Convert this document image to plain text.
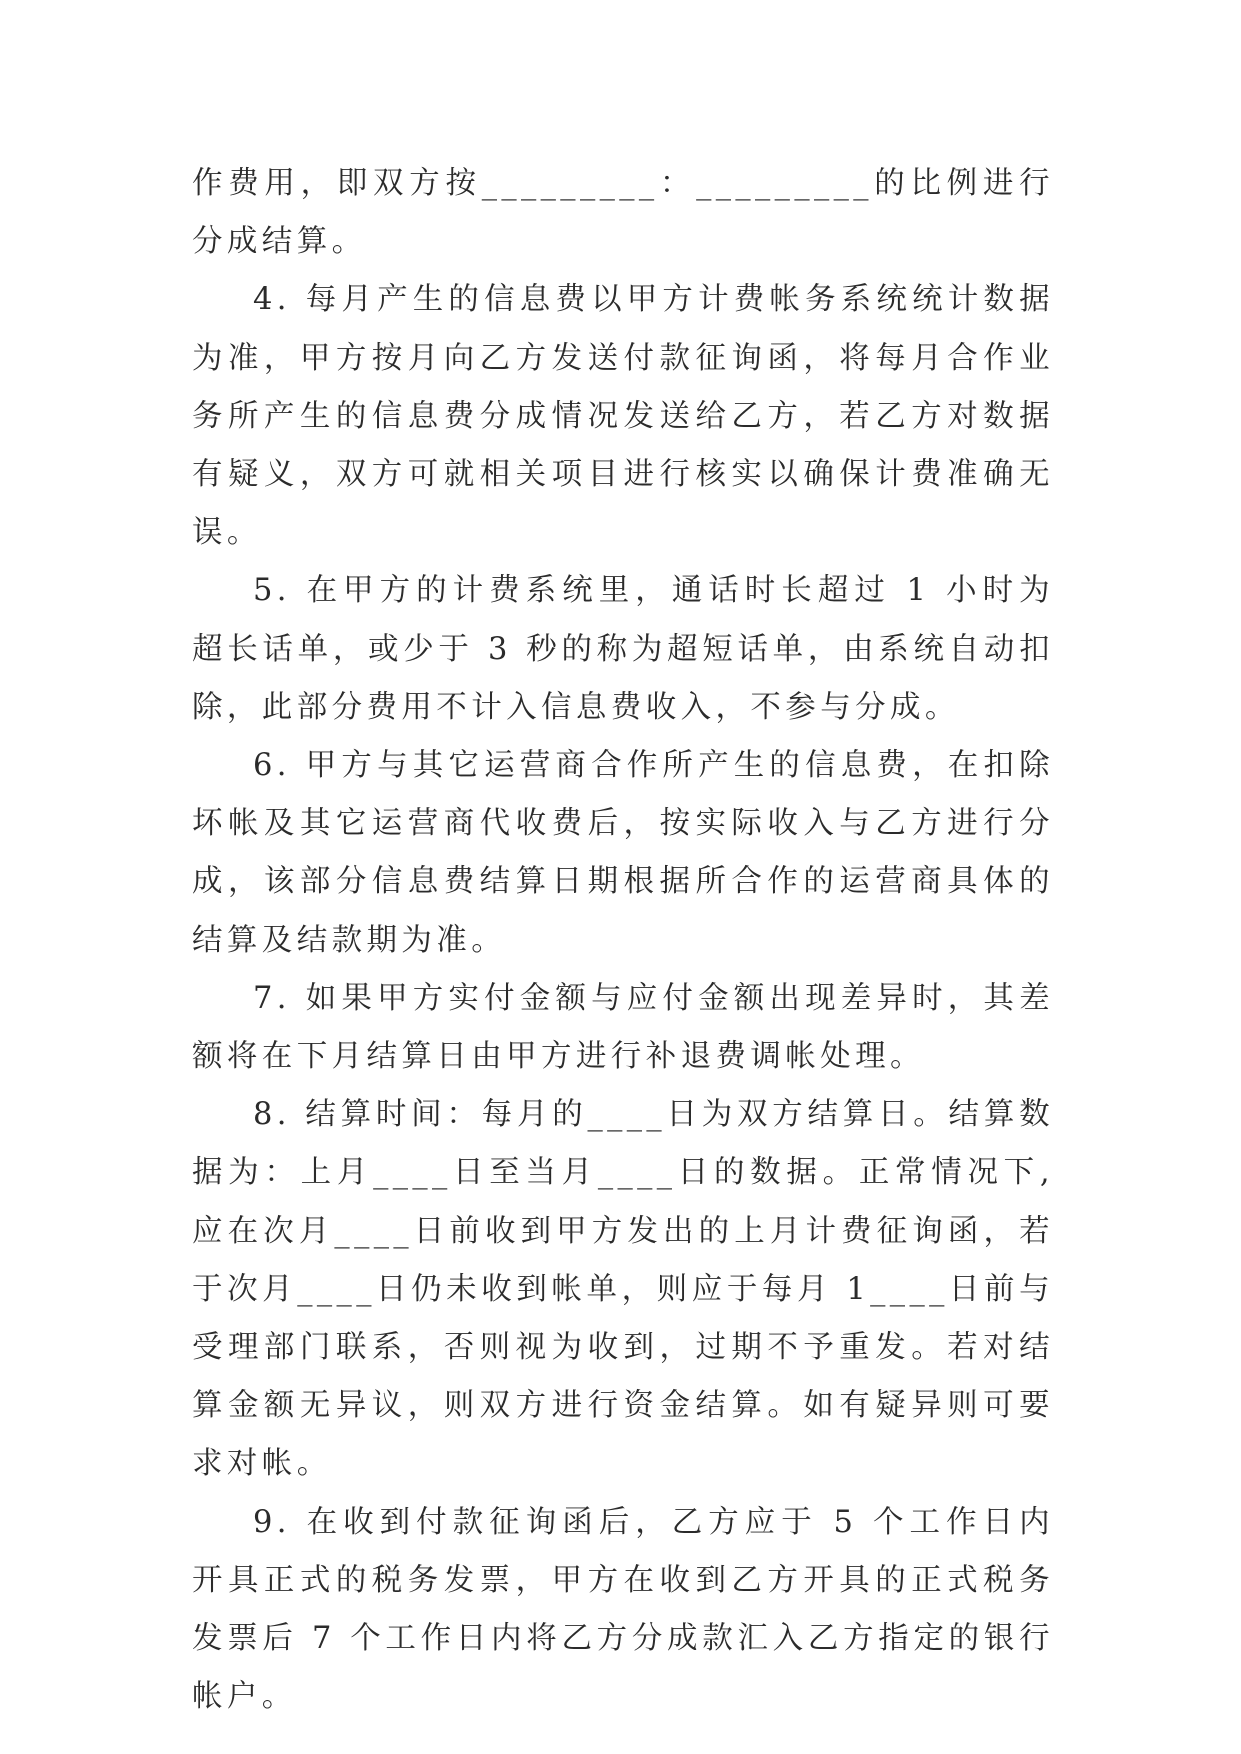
作费用，即双方按_________：_________的比例进行分成结算。

4. 每月产生的信息费以甲方计费帐务系统统计数据为准，甲方按月向乙方发送付款征询函，将每月合作业务所产生的信息费分成情况发送给乙方，若乙方对数据有疑义，双方可就相关项目进行核实以确保计费准确无误。

5. 在甲方的计费系统里，通话时长超过 1 小时为超长话单，或少于 3 秒的称为超短话单，由系统自动扣除，此部分费用不计入信息费收入，不参与分成。

6. 甲方与其它运营商合作所产生的信息费，在扣除坏帐及其它运营商代收费后，按实际收入与乙方进行分成，该部分信息费结算日期根据所合作的运营商具体的结算及结款期为准。

7. 如果甲方实付金额与应付金额出现差异时，其差额将在下月结算日由甲方进行补退费调帐处理。

8. 结算时间：每月的____日为双方结算日。结算数据为：上月____日至当月____日的数据。正常情况下,应在次月____日前收到甲方发出的上月计费征询函，若于次月____日仍未收到帐单，则应于每月 1____日前与受理部门联系，否则视为收到，过期不予重发。若对结算金额无异议，则双方进行资金结算。如有疑异则可要求对帐。

9. 在收到付款征询函后，乙方应于 5 个工作日内开具正式的税务发票，甲方在收到乙方开具的正式税务发票后 7 个工作日内将乙方分成款汇入乙方指定的银行帐户。
